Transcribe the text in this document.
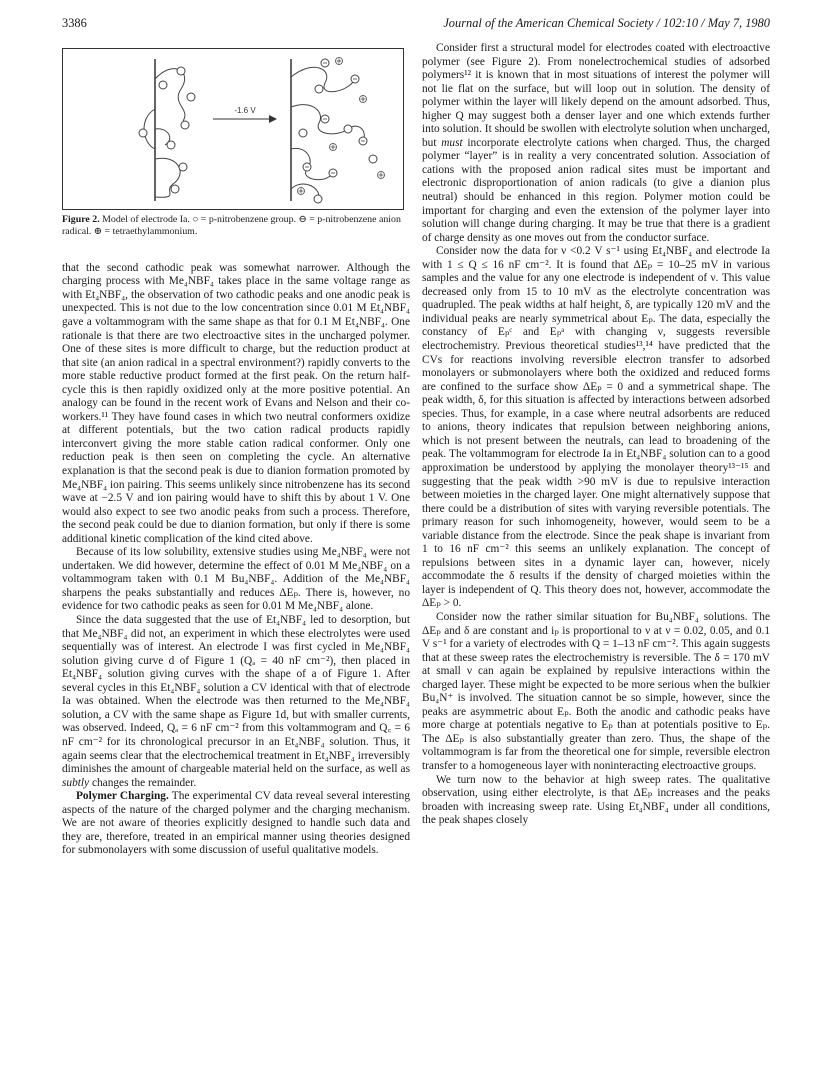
3386	Journal of the American Chemical Society / 102:10 / May 7, 1980
-1.6 V
Figure 2. Model of electrode Ia. ○ = p-nitrobenzene group. ⊖ = p-nitrobenzene anion radical. ⊕ = tetraethylammonium.

that the second cathodic peak was somewhat narrower. Although the charging process with Me₄NBF₄ takes place in the same voltage range as with Et₄NBF₄, the observation of two cathodic peaks and one anodic peak is unexpected. This is not due to the low concentration since 0.01 M Et₄NBF₄ gave a voltammogram with the same shape as that for 0.1 M Et₄NBF₄. One rationale is that there are two electroactive sites in the uncharged polymer. One of these sites is more difficult to charge, but the reduction product at that site (an anion radical in a spectral environment?) rapidly converts to the more stable reductive product formed at the first peak. On the return half-cycle this is then rapidly oxidized only at the more positive potential. An analogy can be found in the recent work of Evans and Nelson and their co-workers.¹¹ They have found cases in which two neutral conformers oxidize at different potentials, but the two cation radical products rapidly interconvert giving the more stable cation radical conformer. Only one reduction peak is then seen on completing the cycle. An alternative explanation is that the second peak is due to dianion formation promoted by Me₄NBF₄ ion pairing. This seems unlikely since nitrobenzene has its second wave at −2.5 V and ion pairing would have to shift this by about 1 V. One would also expect to see two anodic peaks from such a process. Therefore, the second peak could be due to dianion formation, but only if there is some additional kinetic complication of the kind cited above.

Because of its low solubility, extensive studies using Me₄NBF₄ were not undertaken. We did however, determine the effect of 0.01 M Me₄NBF₄ on a voltammogram taken with 0.1 M Bu₄NBF₄. Addition of the Me₄NBF₄ sharpens the peaks substantially and reduces ΔEₚ. There is, however, no evidence for two cathodic peaks as seen for 0.01 M Me₄NBF₄ alone.

Since the data suggested that the use of Et₄NBF₄ led to desorption, but that Me₄NBF₄ did not, an experiment in which these electrolytes were used sequentially was of interest. An electrode I was first cycled in Me₄NBF₄ solution giving curve d of Figure 1 (Qₐ = 40 nF cm⁻²), then placed in Et₄NBF₄ solution giving curves with the shape of a of Figure 1. After several cycles in this Et₄NBF₄ solution a CV identical with that of electrode Ia was obtained. When the electrode was then returned to the Me₄NBF₄ solution, a CV with the same shape as Figure 1d, but with smaller currents, was observed. Indeed, Qₐ = 6 nF cm⁻² from this voltammogram and Q꜀ = 6 nF cm⁻² for its chronological precursor in an Et₄NBF₄ solution. Thus, it again seems clear that the electrochemical treatment in Et₄NBF₄ irreversibly diminishes the amount of chargeable material held on the surface, as well as subtly changes the remainder.

Polymer Charging. The experimental CV data reveal several interesting aspects of the nature of the charged polymer and the charging mechanism. We are not aware of theories explicitly designed to handle such data and they are, therefore, treated in an empirical manner using theories designed for submonolayers with some discussion of useful qualitative models.

Consider first a structural model for electrodes coated with electroactive polymer (see Figure 2). From nonelectrochemical studies of adsorbed polymers¹² it is known that in most situations of interest the polymer will not lie flat on the surface, but will loop out in solution. The density of polymer within the layer will likely depend on the amount adsorbed. Thus, higher Q may suggest both a denser layer and one which extends further into solution. It should be swollen with electrolyte solution when uncharged, but must incorporate electrolyte cations when charged. Thus, the charged polymer “layer” is in reality a very concentrated solution. Association of cations with the proposed anion radical sites must be important and electronic disproportionation of anion radicals (to give a dianion plus neutral) should be enhanced in this region. Polymer motion could be important for charging and even the extension of the polymer layer into solution will change during charging. It may be true that there is a gradient of charge density as one moves out from the conductor surface.

Consider now the data for ν <0.2 V s⁻¹ using Et₄NBF₄ and electrode Ia with 1 ≤ Q ≤ 16 nF cm⁻². It is found that ΔEₚ = 10–25 mV in various samples and the value for any one electrode is independent of ν. This value decreased only from 15 to 10 mV as the electrolyte concentration was quadrupled. The peak widths at half height, δ, are typically 120 mV and the individual peaks are nearly symmetrical about Eₚ. The data, especially the constancy of Eₚᶜ and Eₚᵃ with changing ν, suggests reversible electrochemistry. Previous theoretical studies¹³,¹⁴ have predicted that the CVs for reactions involving reversible electron transfer to adsorbed monolayers or submonolayers where both the oxidized and reduced forms are confined to the surface show ΔEₚ = 0 and a symmetrical shape. The peak width, δ, for this situation is affected by interactions between adsorbed species. Thus, for example, in a case where neutral adsorbents are reduced to anions, theory indicates that repulsion between neighboring anions, which is not present between the neutrals, can lead to broadening of the peak. The voltammogram for electrode Ia in Et₄NBF₄ solution can to a good approximation be understood by applying the monolayer theory¹³⁻¹⁵ and suggesting that the peak width >90 mV is due to repulsive interaction between moieties in the charged layer. One might alternatively suppose that there could be a distribution of sites with varying reversible potentials. The primary reason for such inhomogeneity, however, would seem to be a variable distance from the electrode. Since the peak shape is invariant from 1 to 16 nF cm⁻² this seems an unlikely explanation. The concept of repulsions between sites in a dynamic layer can, however, nicely accommodate the δ results if the density of charged moieties within the layer is independent of Q. This theory does not, however, accommodate the ΔEₚ > 0.

Consider now the rather similar situation for Bu₄NBF₄ solutions. The ΔEₚ and δ are constant and iₚ is proportional to ν at ν = 0.02, 0.05, and 0.1 V s⁻¹ for a variety of electrodes with Q = 1–13 nF cm⁻². This again suggests that at these sweep rates the electrochemistry is reversible. The δ = 170 mV at small ν can again be explained by repulsive interactions within the charged layer. These might be expected to be more serious when the bulkier Bu₄N⁺ is involved. The situation cannot be so simple, however, since the peaks are asymmetric about Eₚ. Both the anodic and cathodic peaks have more charge at potentials negative to Eₚ than at potentials positive to Eₚ. The ΔEₚ is also substantially greater than zero. Thus, the shape of the voltammogram is far from the theoretical one for simple, reversible electron transfer to a homogeneous layer with noninteracting electroactive groups.

We turn now to the behavior at high sweep rates. The qualitative observation, using either electrolyte, is that ΔEₚ increases and the peaks broaden with increasing sweep rate. Using Et₄NBF₄ under all conditions, the peak shapes closely
